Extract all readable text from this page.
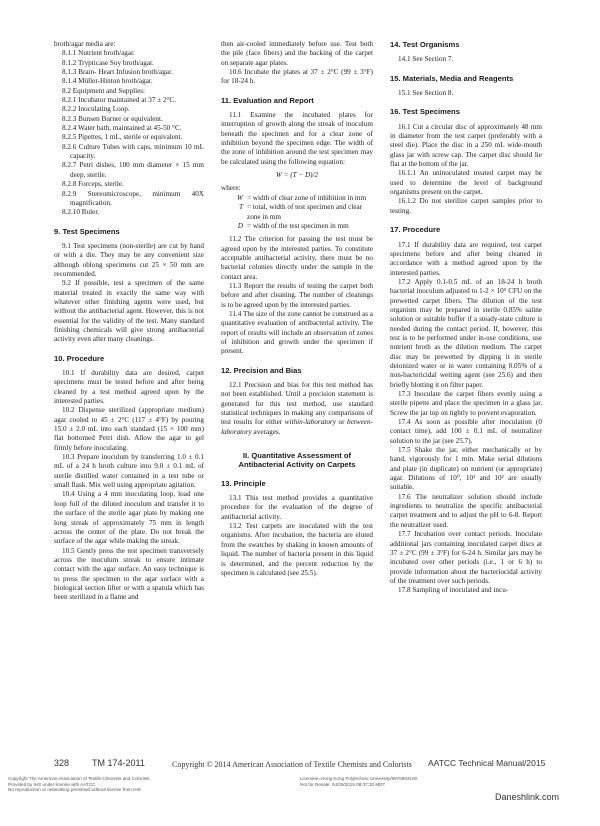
broth/agar media are:

8.1.1 Nutrient broth/agar.

8.1.2 Trypticase Soy broth/agar.

8.1.3 Brain- Heart Infusion broth/agar.

8.1.4 Müller-Hinton broth/agar.

8.2 Equipment and Supplies:

8.2.1 Incubator maintained at 37 ± 2°C.

8.2.2 Inoculating Loop.

8.2.3 Bunsen Burner or equivalent.

8.2.4 Water bath, maintained at 45-50 °C.

8.2.5 Pipettes, 1 mL, sterile or equivalent.

8.2.6 Culture Tubes with caps, minimum 10 mL capacity.

8.2.7 Petri dishes, 100 mm diameter × 15 mm deep, sterile.

8.2.8 Forceps, sterile.

8.2.9 Stereomicroscope, minimum 40X magnification.

8.2.10 Ruler.

9. Test Specimens

9.1 Test specimens (non-sterile) are cut by hand or with a die. They may be any convenient size although oblong specimens cut 25 × 50 mm are recommended.

9.2 If possible, test a specimen of the same material treated in exactly the same way with whatever other finishing agents were used, but without the antibacterial agent. However, this is not essential for the validity of the test. Many standard finishing chemicals will give strong antibacterial activity even after many cleanings.

10. Procedure

10.1 If durability data are desired, carpet specimens must be tested before and after being cleaned by a test method agreed upon by the interested parties.

10.2 Dispense sterilized (appropriate medium) agar cooled to 45 ± 2°C (117 ± 4°F) by pouring 15.0 ± 2.0 mL into each standard (15 × 100 mm) flat bottomed Petri dish. Allow the agar to gel firmly before inoculating.

10.3 Prepare inoculum by transferring 1.0 ± 0.1 mL of a 24 h broth culture into 9.0 ± 0.1 mL of sterile distilled water contained in a test tube or small flask. Mix well using appropriate agitation.

10.4 Using a 4 mm inoculating loop, load one loop full of the diluted inoculum and transfer it to the surface of the sterile agar plate by making one long streak of approximately 75 mm in length across the center of the plate. Do not break the surface of the agar while making the streak.

10.5 Gently press the test specimen transversely across the inoculum streak to ensure intimate contact with the agar surface. An easy technique is to press the specimen to the agar surface with a biological section lifter or with a spatula which has been sterilized in a flame and

then air-cooled immediately before use. Test both the pile (face fibers) and the backing of the carpet on separate agar plates.

10.6 Incubate the plates at 37 ± 2°C (99 ± 3°F) for 18-24 h.

11. Evaluation and Report

11.1 Examine the incubated plates for interruption of growth along the streak of inoculum beneath the specimen and for a clear zone of inhibition beyond the specimen edge. The width of the zone of inhibition around the test specimen may be calculated using the following equation:

W = (T − D)/2

where:

W = width of clear zone of inhibition in mm
T = total, width of test specimen and clear zone in mm
D = width of the test specimen in mm

11.2 The criterion for passing the test must be agreed upon by the interested parties. To constitute acceptable antibacterial activity, there must be no bacterial colonies directly under the sample in the contact area.

11.3 Report the results of testing the carpet both before and after cleaning. The number of cleanings is to be agreed upon by the interested parties.

11.4 The size of the zone cannot be construed as a quantitative evaluation of antibacterial activity. The report of results will include an observation of zones of inhibition and growth under the specimen if present.

12. Precision and Bias

12.1 Precision and bias for this test method has not been established. Until a precision statement is generated for this test method, use standard statistical techniques in making any comparisons of test results for either within-laboratory or between-laboratory averages.

II. Quantitative Assessment of Antibacterial Activity on Carpets
13. Principle

13.1 This test method provides a quantitative procedure for the evaluation of the degree of antibacterial activity.

13.2 Test carpets are inoculated with the test organisms. After incubation, the bacteria are eluted from the swatches by shaking in known amounts of liquid. The number of bacteria present in this liquid is determined, and the percent reduction by the specimen is calculated (see 25.5).

14. Test Organisms

14.1 See Section 7.

15. Materials, Media and Reagents

15.1 See Section 8.

16. Test Specimens

16.1 Cut a circular disc of approximately 48 mm in diameter from the test carpet (preferably with a steel die). Place the disc in a 250 mL wide-mouth glass jar with screw cap. The carpet disc should lie flat at the bottom of the jar.

16.1.1 An uninoculated treated carpet may be used to determine the level of background organisms present on the carpet.

16.1.2 Do not sterilize carpet samples prior to testing.

17. Procedure

17.1 If durability data are required, test carpet specimens before and after being cleaned in accordance with a method agreed upon by the interested parties.

17.2 Apply 0.1-0.5 mL of an 18-24 h broth bacterial inoculum adjusted to 1-2 × 10⁵ CFU on the prewetted carpet fibers. The dilution of the test organism may be prepared in sterile 0.85% saline solution or suitable buffer if a steady-state culture is needed during the contact period. If, however, this test is to be performed under in-use conditions, use nutrient broth as the dilution medium. The carpet disc may be prewetted by dipping it in sterile deionized water or in water containing 0.05% of a non-bactericidal wetting agent (see 25.6) and then briefly blotting it on filter paper.

17.3 Inoculate the carpet fibers evenly using a sterile pipette and place the specimen in a glass jar. Screw the jar top on tightly to prevent evaporation.

17.4 As soon as possible after inoculation (0 contact time), add 100 ± 0.1 mL of neutralizer solution to the jar (see 25.7).

17.5 Shake the jar, either mechanically or by hand, vigorously for 1 min. Make serial dilutions and plate (in duplicate) on nutrient (or appropriate) agar. Dilutions of 10⁰, 10¹ and 10² are usually suitable.

17.6 The neutralizer solution should include ingredients to neutralize the specific antibacterial carpet treatment and to adjust the pH to 6-8. Report the neutralizer used.

17.7 Incubation over contact periods. Inoculate additional jars containing inoculated carpet discs at 37 ± 2°C (99 ± 3°F) for 6-24 h. Similar jars may be incubated over other periods (i.e., 1 or 6 h) to provide information about the bacteriocidal activity of the treatment over such periods.

17.8 Sampling of inoculated and incu-

328	TM 174-2011	Copyright © 2014 American Association of Textile Chemists and Colorists AATCC Technical Manual/2015
Copyright The American Association of Textile Chemists and Colorists
Provided by IHS under license with AATCC
No reproduction or networking permitted without license from IHS
Licensee=Hong Kong Polytechnic University/9976803100
Not for Resale, 04/29/2015 08:37:32 MDT
Daneshlink.com
